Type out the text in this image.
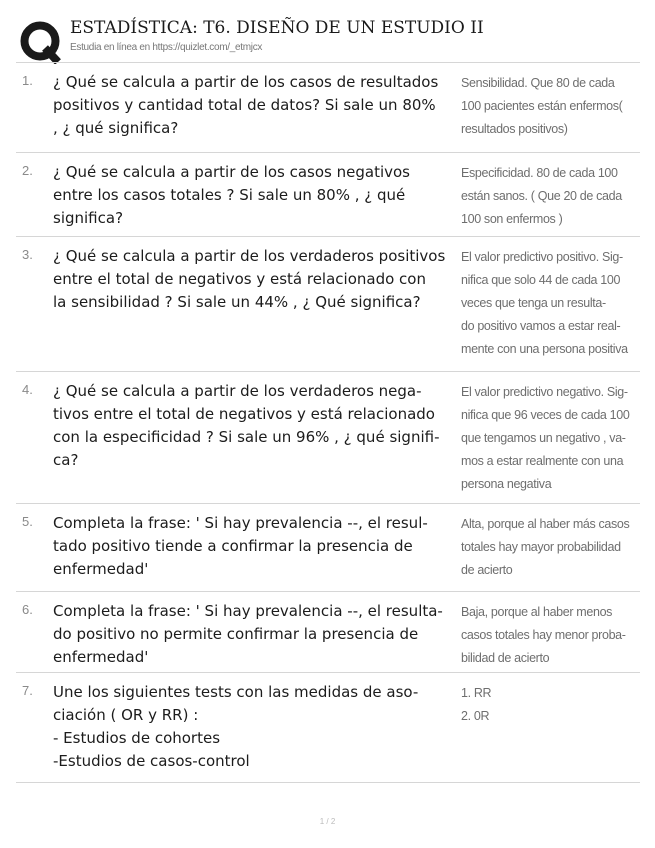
ESTADÍSTICA: T6. DISEÑO DE UN ESTUDIO II
Estudia en línea en https://quizlet.com/_etmjcx
1. ¿ Qué se calcula a partir de los casos de resultados
positivos y cantidad total de datos? Si sale un 80%
, ¿ qué significa?
Sensibilidad. Que 80 de cada
100 pacientes están enfermos(
resultados positivos)
2. ¿ Qué se calcula a partir de los casos negativos
entre los casos totales ? Si sale un 80% , ¿ qué
significa?
Especificidad. 80 de cada 100
están sanos. ( Que 20 de cada
100 son enfermos )
3. ¿ Qué se calcula a partir de los verdaderos positivos
entre el total de negativos y está relacionado con
la sensibilidad ? Si sale un 44% , ¿ Qué significa?
El valor predictivo positivo. Sig-
nifica que solo 44 de cada 100
veces que tenga un resulta-
do positivo vamos a estar real-
mente con una persona positiva
4. ¿ Qué se calcula a partir de los verdaderos nega-
tivos entre el total de negativos y está relacionado
con la especificidad ? Si sale un 96% , ¿ qué signifi-
ca?
El valor predictivo negativo. Sig-
nifica que 96 veces de cada 100
que tengamos un negativo , va-
mos a estar realmente con una
persona negativa
5. Completa la frase: ' Si hay prevalencia --, el resul-
tado positivo tiende a confirmar la presencia de
enfermedad'
Alta, porque al haber más casos
totales hay mayor probabilidad
de acierto
6. Completa la frase: ' Si hay prevalencia --, el resulta-
do positivo no permite confirmar la presencia de
enfermedad'
Baja, porque al haber menos
casos totales hay menor proba-
bilidad de acierto
7. Une los siguientes tests con las medidas de aso-
ciación ( OR y RR) :
- Estudios de cohortes
-Estudios de casos-control
1. RR
2. 0R
1 / 2
